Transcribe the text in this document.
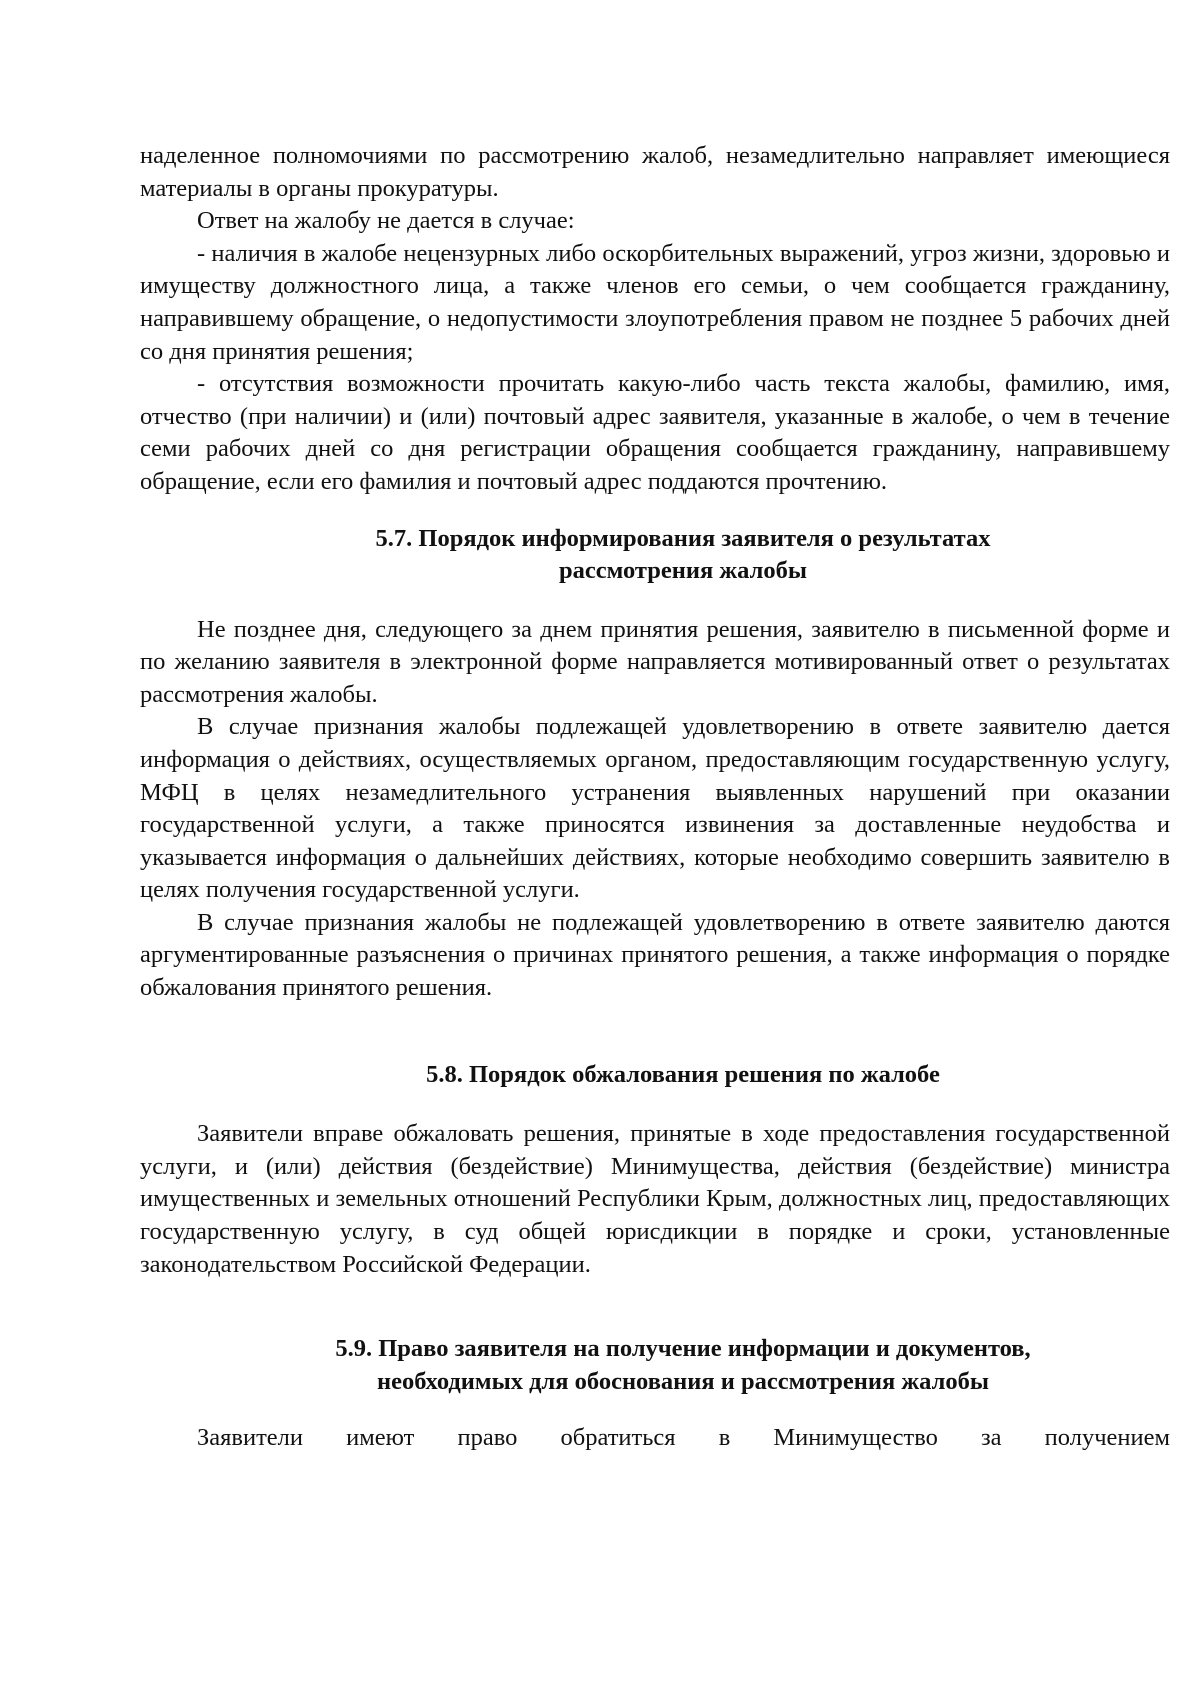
наделенное полномочиями по рассмотрению жалоб, незамедлительно направляет имеющиеся материалы в органы прокуратуры.

Ответ на жалобу не дается в случае:

- наличия в жалобе нецензурных либо оскорбительных выражений, угроз жизни, здоровью и имуществу должностного лица, а также членов его семьи, о чем сообщается гражданину, направившему обращение, о недопустимости злоупотребления правом не позднее 5 рабочих дней со дня принятия решения;

- отсутствия возможности прочитать какую-либо часть текста жалобы, фамилию, имя, отчество (при наличии) и (или) почтовый адрес заявителя, указанные в жалобе, о чем в течение семи рабочих дней со дня регистрации обращения сообщается гражданину, направившему обращение, если его фамилия и почтовый адрес поддаются прочтению.

5.7. Порядок информирования заявителя о результатах
рассмотрения жалобы

Не позднее дня, следующего за днем принятия решения, заявителю в письменной форме и по желанию заявителя в электронной форме направляется мотивированный ответ о результатах рассмотрения жалобы.

В случае признания жалобы подлежащей удовлетворению в ответе заявителю дается информация о действиях, осуществляемых органом, предоставляющим государственную услугу, МФЦ в целях незамедлительного устранения выявленных нарушений при оказании государственной услуги, а также приносятся извинения за доставленные неудобства и указывается информация о дальнейших действиях, которые необходимо совершить заявителю в целях получения государственной услуги.

В случае признания жалобы не подлежащей удовлетворению в ответе заявителю даются аргументированные разъяснения о причинах принятого решения, а также информация о порядке обжалования принятого решения.

5.8. Порядок обжалования решения по жалобе

Заявители вправе обжаловать решения, принятые в ходе предоставления государственной услуги, и (или) действия (бездействие) Минимущества, действия (бездействие) министра имущественных и земельных отношений Республики Крым, должностных лиц, предоставляющих государственную услугу, в суд общей юрисдикции в порядке и сроки, установленные законодательством Российской Федерации.

5.9. Право заявителя на получение информации и документов,
необходимых для обоснования и рассмотрения жалобы

Заявители имеют право обратиться в Минимущество за получением
